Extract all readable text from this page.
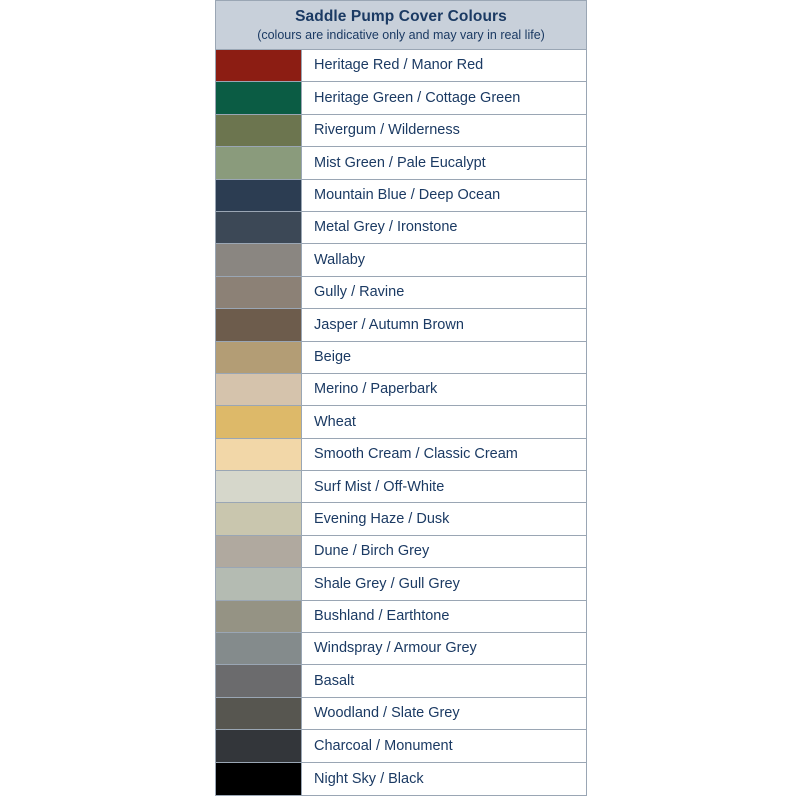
Saddle Pump Cover Colours
(colours are indicative only and may vary in real life)
Heritage Red / Manor Red
Heritage Green / Cottage Green
Rivergum / Wilderness
Mist Green / Pale Eucalypt
Mountain Blue / Deep Ocean
Metal Grey / Ironstone
Wallaby
Gully / Ravine
Jasper / Autumn Brown
Beige
Merino / Paperbark
Wheat
Smooth Cream / Classic Cream
Surf Mist / Off-White
Evening Haze / Dusk
Dune / Birch Grey
Shale Grey / Gull Grey
Bushland / Earthtone
Windspray / Armour Grey
Basalt
Woodland / Slate Grey
Charcoal / Monument
Night Sky / Black
